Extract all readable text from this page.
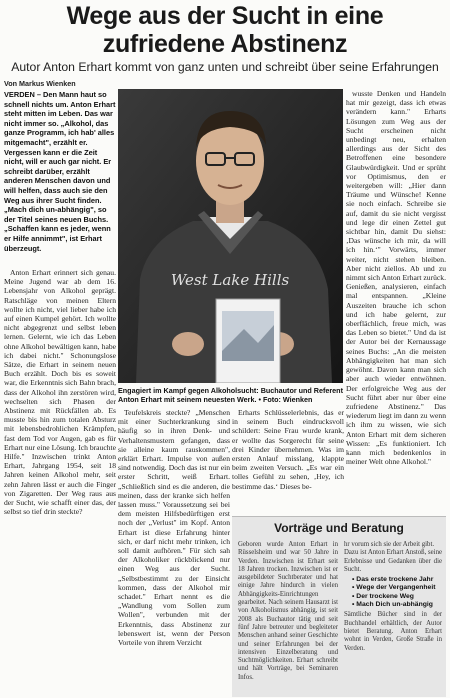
Wege aus der Sucht in eine zufriedene Abstinenz
Autor Anton Erhart kommt von ganz unten und schreibt über seine Erfahrungen
Von Markus Wienken
VERDEN – Den Mann haut so schnell nichts um. Anton Erhart steht mitten im Leben. Das war nicht immer so. „Alkohol, das ganze Programm, ich hab' alles mitgemacht", erzählt er. Vergessen kann er die Zeit nicht, will er auch gar nicht. Er schreibt darüber, erzählt anderen Menschen davon und will helfen, dass auch sie den Weg aus ihrer Sucht finden. „Mach dich un-abhängig", so der Titel seines neuen Buchs. „Schaffen kann es jeder, wenn er Hilfe annimmt", ist Erhart überzeugt.

Anton Erhart erinnert sich genau. Meine Jugend war ab dem 16. Lebensjahr von Alkohol geprägt. Ratschläge von meinen Eltern wollte ich nicht, viel lieber habe ich auf einen Kumpel gehört. Ich wollte nicht abgegrenzt und selbst leben lernen. Gelernt, wie ich das Leben ohne Alkohol bewältigen kann, habe ich dabei nicht." Schonungslose Sätze, die Erhart in seinem neuen Buch erzählt. Doch bis es soweit war, die Erkenntnis sich Bahn brach, dass der Alkohol ihn zerstören wird, wechselten sich Phasen der Abstinenz mit Rückfällen ab. Es musste bis hin zum totalen Absturz mit lebensbedrohlichen Krämpfen, fast dem Tod vor Augen, gab es für Erhart nur eine Lösung. Ich brauchte Hilfe." Inzwischen trinkt Anton Erhart, Jahrgang 1954, seit 18 Jahren keinen Alkohol mehr, seit zehn Jahren lässt er auch die Finger von Zigaretten. Der Weg raus aus der Sucht, wie schafft einer das, der selbst so tief drin steckte?

West Lake Hills
Engagiert im Kampf gegen Alkoholsucht: Buchautor und Referent Anton Erhart mit seinem neuesten Werk. • Foto: Wienken

Teufelskreis steckte? „Menschen mit einer Suchterkrankung sind häufig so in ihren Denk- und Verhaltensmustern gefangen, dass sie alleine kaum rauskommen", erklärt Erhart. Impulse von außen sind notwendig. Doch das ist nur ein erster Schritt, weiß Erhart. „Schließlich sind es die anderen, die meinen, dass der kranke sich helfen lassen muss." Voraussetzung sei bei dem meisten Hilfsbedürftigen erst noch der „Verlust" im Kopf. Anton Erhart ist diese Erfahrung hinter sich, er darf nicht mehr trinken, ich soll damit aufhören." Für sich sah der Alkoholiker rückblickend nur einen Weg aus der Sucht. „Selbstbestimmt zu der Einsicht kommen, dass der Alkohol mir schadet." Erhart nennt es die „Wandlung vom Sollen zum Wollen", verbunden mit der Erkenntnis, dass Abstinenz zur lebenswert ist, wenn der Person Vorteile von ihrem Verzicht

Erharts Schlüsselerlebnis, das er in seinem Buch eindrucksvoll schildert: Seine Frau wurde krank, er wollte das Sorgerecht für seine drei Kinder übernehmen. Was im ersten Anlauf misslang, klappte beim zweiten Versuch. „Es war ein tolles Gefühl zu sehen, ‚Hey, ich bestimme das.‘ Dieses be-

wusste Denken und Handeln hat mir gezeigt, dass ich etwas verändern kann." Erharts Lösungen zum Weg aus der Sucht erscheinen nicht unbedingt neu, erhalten allerdings aus der Sicht des Betroffenen eine besondere Glaubwürdigkeit. Und er sprüht vor Optimismus, den er weitergeben will: „Hier dann Träume und Wünsche! Kenne sie noch einfach. Schreibe sie auf, damit du sie nicht vergisst und lege dir einen Zettel gut sichtbar hin, damit Du siehst: ‚Das wünsche ich mir, da will ich hin.‘" Vorwärts, immer weiter, nicht stehen bleiben. Aber nicht ziellos. Ab und zu nimmt sich Anton Erhart zurück. Genießen, analysieren, einfach mal entspannen. „Kleine Auszeiten brauche ich schon und ich habe gelernt, zur oberflächlich, freue mich, was das Leben so bietet." Und da ist der Autor bei der Kernaussage seines Buchs: „An die meisten Abhängigkeiten hat man sich gewöhnt. Davon kann man sich aber auch wieder entwöhnen. Der erfolgreiche Weg aus der Sucht führt aber nur über eine zufriedene Abstinenz." Das wiederum liegt im dann zu wenn ich ihm zu wissen, wie sich Anton Erhart mit dem sicheren Wissen: „Es funktioniert. Ich kann mich bedenkenlos in meiner Welt ohne Alkohol."

Vorträge und Beratung
Geboren wurde Anton Erhart in Rüsselsheim und war 50 Jahre in Verden. Inzwischen ist Erhart seit 18 Jahren trocken. Inzwischen ist er ausgebildeter Suchtberater und hat einige Jahre hindurch in vielen Abhängigkeits-Einrichtungen gearbeitet. Nach seinem Hausarzt ist von Alkoholismus abhängig, ist seit 2008 als Buchautor tätig und seit fünf Jahre betreuter und begleiteter Menschen anhand seiner Geschichte und seiner Erfahrungen bei der intensiven Einzelberatung und Suchtmöglichkeiten. Erhart schreibt und hält Vorträge, bei Seminaren Infos.
hr vorum sich sie der Arbeit gibt.
Dazu ist Anton Erhart Anstoß, seine Erlebnisse und Gedanken über die Sucht.
• Das erste trockene Jahr
• Wege der Vergangenheit
• Der trockene Weg
• Mach Dich un-abhängig
Sämtliche Bücher sind in der Buchhandel erhältlich, der Autor bietet Beratung. Anton Erhart wohnt in Verden, Große Straße in Verden.
